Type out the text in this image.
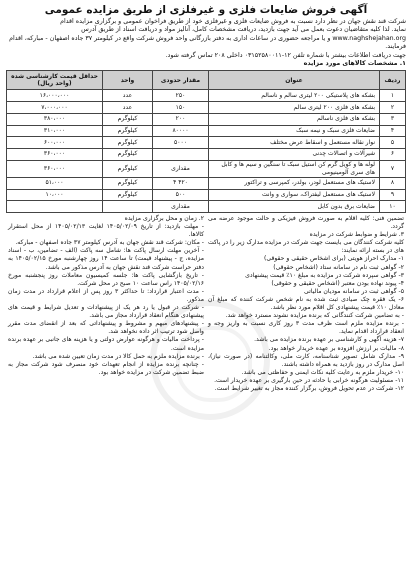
آگهی فروش ضایعات فلزی و غیرفلزی از طریق مزایده عمومی

شرکت قند نقش جهان در نظر دارد نسبت به فروش ضایعات فلزی و غیرفلزی خود از طریق فراخوان عمومی و برگزاری مزایده اقدام

نماید. لذا کلیه متقاضیان دعوت بعمل می آید جهت بازدید، دریافت مشخصات کامل، آنالیز مواد و دریافت اسناد از طریق آدرس

www.naghshejahan.org و یا مراجعه حضوری در ساعات اداری به دفتر بازرگانی واحد فروش شرکت واقع در کیلومتر ۳۷ جاده اصفهان - مبارکه، اقدام

فرمایند.

جهت دریافت اطلاعات بیشتر با شماره تلفن ۱۲-۰۳۱۵۲۵۸۰۰۱۱ داخلی ۲۰۸ تماس گرفته شود.

۱. مشخصات کالاهای مورد مزایده
ردیف	عنوان	مقدار حدودی	واحد	حداقل قیمت کارشناسی شده (واحد ریال)
۱	بشکه های پلاستیکی ۲۰۰ لیتری سالم و ناسالم	۲۵۰	عدد	۱۶،۰۰۰،۰۰۰
۲	بشکه های فلزی ۲۰۰ لیتری سالم	۱۵۰	عدد	۷،۰۰۰،۰۰۰
۳	بشکه های فلزی ناسالم	۲۰۰	کیلوگرم	۳۸۰،۰۰۰
۴	ضایعات فلزی سبک و نیمه سبک	۸۰۰۰۰	کیلوگرم	۳۱۰،۰۰۰
۵	نوار نقاله مستعمل و اسقاط عرض مختلف	۵۰۰۰	کیلوگرم	۶۰۰،۰۰۰
۶	شیرآلات و اتصالات چدنی		کیلوگرم	۳۶۰،۰۰۰
۷	لوله ها و کویل گرم کن استیل سبک تا سنگین و سیم ها و کابل های سری آلومینیومی	مقداری	کیلوگرم	۳۶۰،۰۰۰
۸	لاستیک های مستعمل لودر، بولدر، کمپرسی و تراکتور	۴۲۰ ۴	کیلوگرم	۵۱،۰۰۰
۹	لاستیک های مستعمل لیفتراک، سواری و وانت	۵۰۰	کیلوگرم	۱۰،۰۰۰
۱۰	ضایعات برق بدون کابل	مقداری		

تضمین فنی: کلیه اقلام به صورت فروش فیزیکی و حالت موجود عرضه می گردد.

۳. شرایط و ضوابط شرکت در مزایده

کلیه شرکت کنندگان می بایست جهت شرکت در مزایده مدارک زیر را در پاکت های در بسته ارائه نمایند:

۱- مدارک احراز هویتی (برای اشخاص حقیقی و حقوقی)

۲- گواهی ثبت نام در سامانه ستاد (اشخاص حقوقی)

۳- گواهی سپرده شرکت در مزایده به مبلغ ۱۰٪ قیمت پیشنهادی

۴- پیوند نهاده بودن معتبر (اشخاص حقیقی و حقوقی)

۵- گواهی ثبت در سامانه مودیان مالیاتی

۶- یک فقره چک صیادی ثبت شده به نام شخص شرکت کننده که مبلغ آن معادل ۱۰٪ قیمت پیشنهادی کل اقلام مورد نظر باشد.

- به تضامین شرکت کنندگانی که برنده مزایده نشوند مسترد خواهد شد.

- برنده مزایده ملزم است ظرف مدت ۳ روز کاری نسبت به واریز وجه و انعقاد قرارداد اقدام نماید.

۷- هزینه آگهی و کارشناسی بر عهده برنده مزایده می باشد.

۸- مالیات بر ارزش افزوده بر عهده خریدار خواهد بود.

۹- مدارک شامل تصویر شناسنامه، کارت ملی، وکالتنامه (در صورت نیاز)، اصل مدارک در روز بازدید به همراه داشته باشند.

۱۰- خریدار ملزم به رعایت کلیه نکات ایمنی و حفاظتی می باشد.

۱۱- مسئولیت هرگونه خرابی یا حادثه در حین بارگیری بر عهده خریدار است.

۱۲- شرکت در عدم تحویل فروش، برگزار کننده مجاز به تغییر شرایط است.

۲. زمان و محل برگزاری مزایده

- مهلت بازدید: از تاریخ ۱۴۰۵/۰۲/۰۹ لغایت ۱۴۰۵/۰۲/۱۳ از محل استقرار کالاها.

- مکان: شرکت قند نقش جهان به آدرس کیلومتر ۳۷ جاده اصفهان - مبارکه.

- آخرین مهلت ارسال پاکت ها: شامل سه پاکت (الف - تضامین، ب - اسناد مزایده، ج - پیشنهاد قیمت) تا ساعت ۱۴ روز چهارشنبه مورخ ۱۴۰۵/۰۲/۱۵ به دفتر حراست شرکت قند نقش جهان به آدرس مذکور می باشد.

- تاریخ بازگشایی پاکت ها: جلسه کمیسیون معاملات روز پنجشنبه مورخ ۱۴۰۵/۰۲/۱۶ راس ساعت ۱۰ صبح در محل شرکت.

- مدت اعتبار قرارداد: تا حداکثر ۳ روز پس از اعلام قرارداد در مدت زمان مذکور.

- شرکت در قبول یا رد هر یک از پیشنهادات و تعدیل شرایط و قیمت های پیشنهادی هنگام انعقاد قرارداد مجاز می باشد.

- پیشنهادهای مبهم و مشروط و پیشنهاداتی که بعد از انقضای مدت مقرر واصل شود ترتیب اثر داده نخواهد شد.

- پرداخت مالیات و هرگونه عوارض دولتی و یا هزینه های جانبی بر عهده برنده مزایده است.

- برنده مزایده ملزم به حمل کالا در مدت زمان تعیین شده می باشد.

- چنانچه برنده مزایده از انجام تعهدات خود منصرف شود شرکت مجاز به ضبط تضمین شرکت در مزایده خواهد بود.
